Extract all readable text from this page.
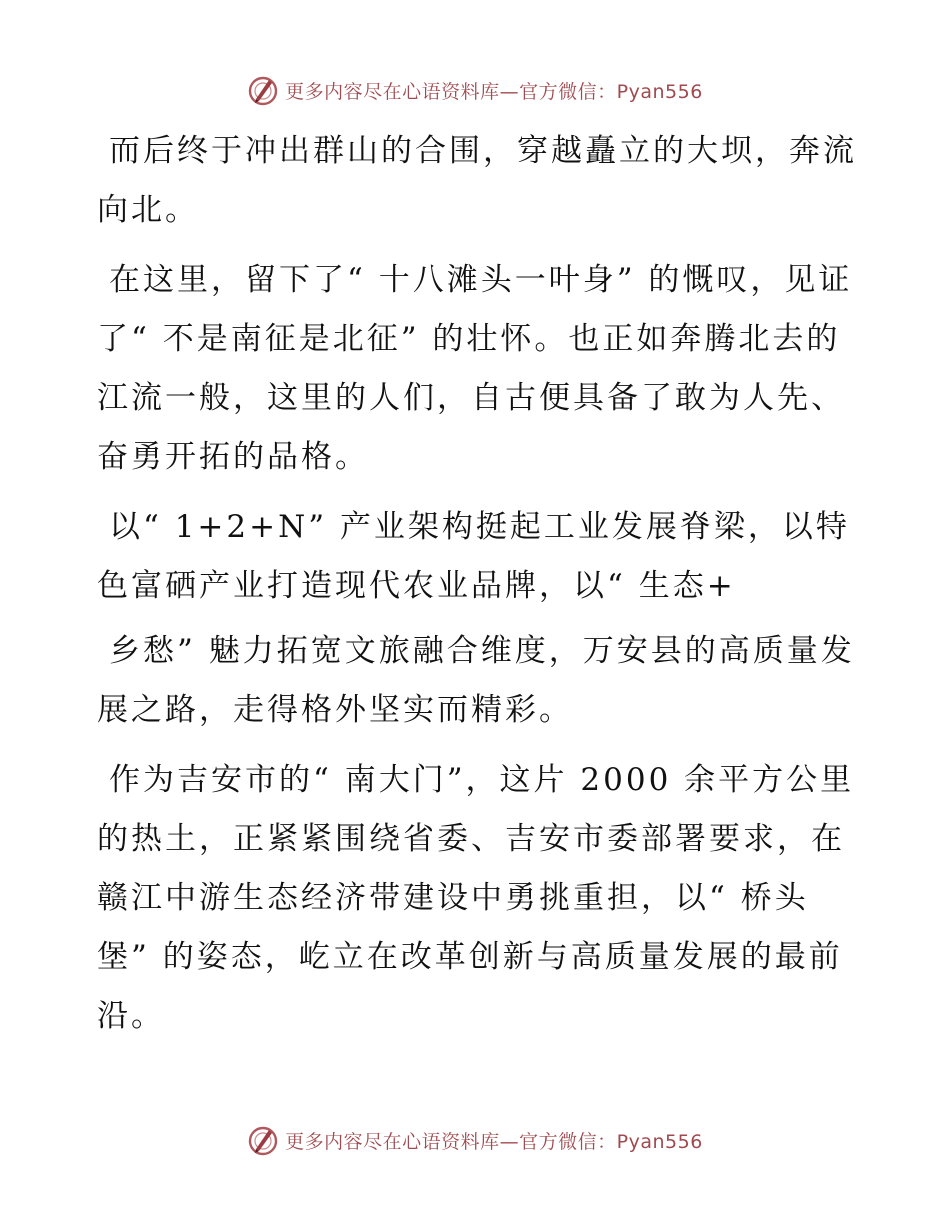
更多内容尽在心语资料库—官方微信：Pyan556

而后终于冲出群山的合围，穿越矗立的大坝，奔流向北。

在这里，留下了“ 十八滩头一叶身” 的慨叹，见证了“ 不是南征是北征” 的壮怀。也正如奔腾北去的江流一般，这里的人们，自古便具备了敢为人先、奋勇开拓的品格。

以“ 1+2+N” 产业架构挺起工业发展脊梁，以特色富硒产业打造现代农业品牌，以“ 生态+

乡愁” 魅力拓宽文旅融合维度，万安县的高质量发展之路，走得格外坚实而精彩。

作为吉安市的“ 南大门”，这片 2000 余平方公里的热土，正紧紧围绕省委、吉安市委部署要求，在赣江中游生态经济带建设中勇挑重担，以“ 桥头堡” 的姿态，屹立在改革创新与高质量发展的最前沿。

更多内容尽在心语资料库—官方微信：Pyan556
